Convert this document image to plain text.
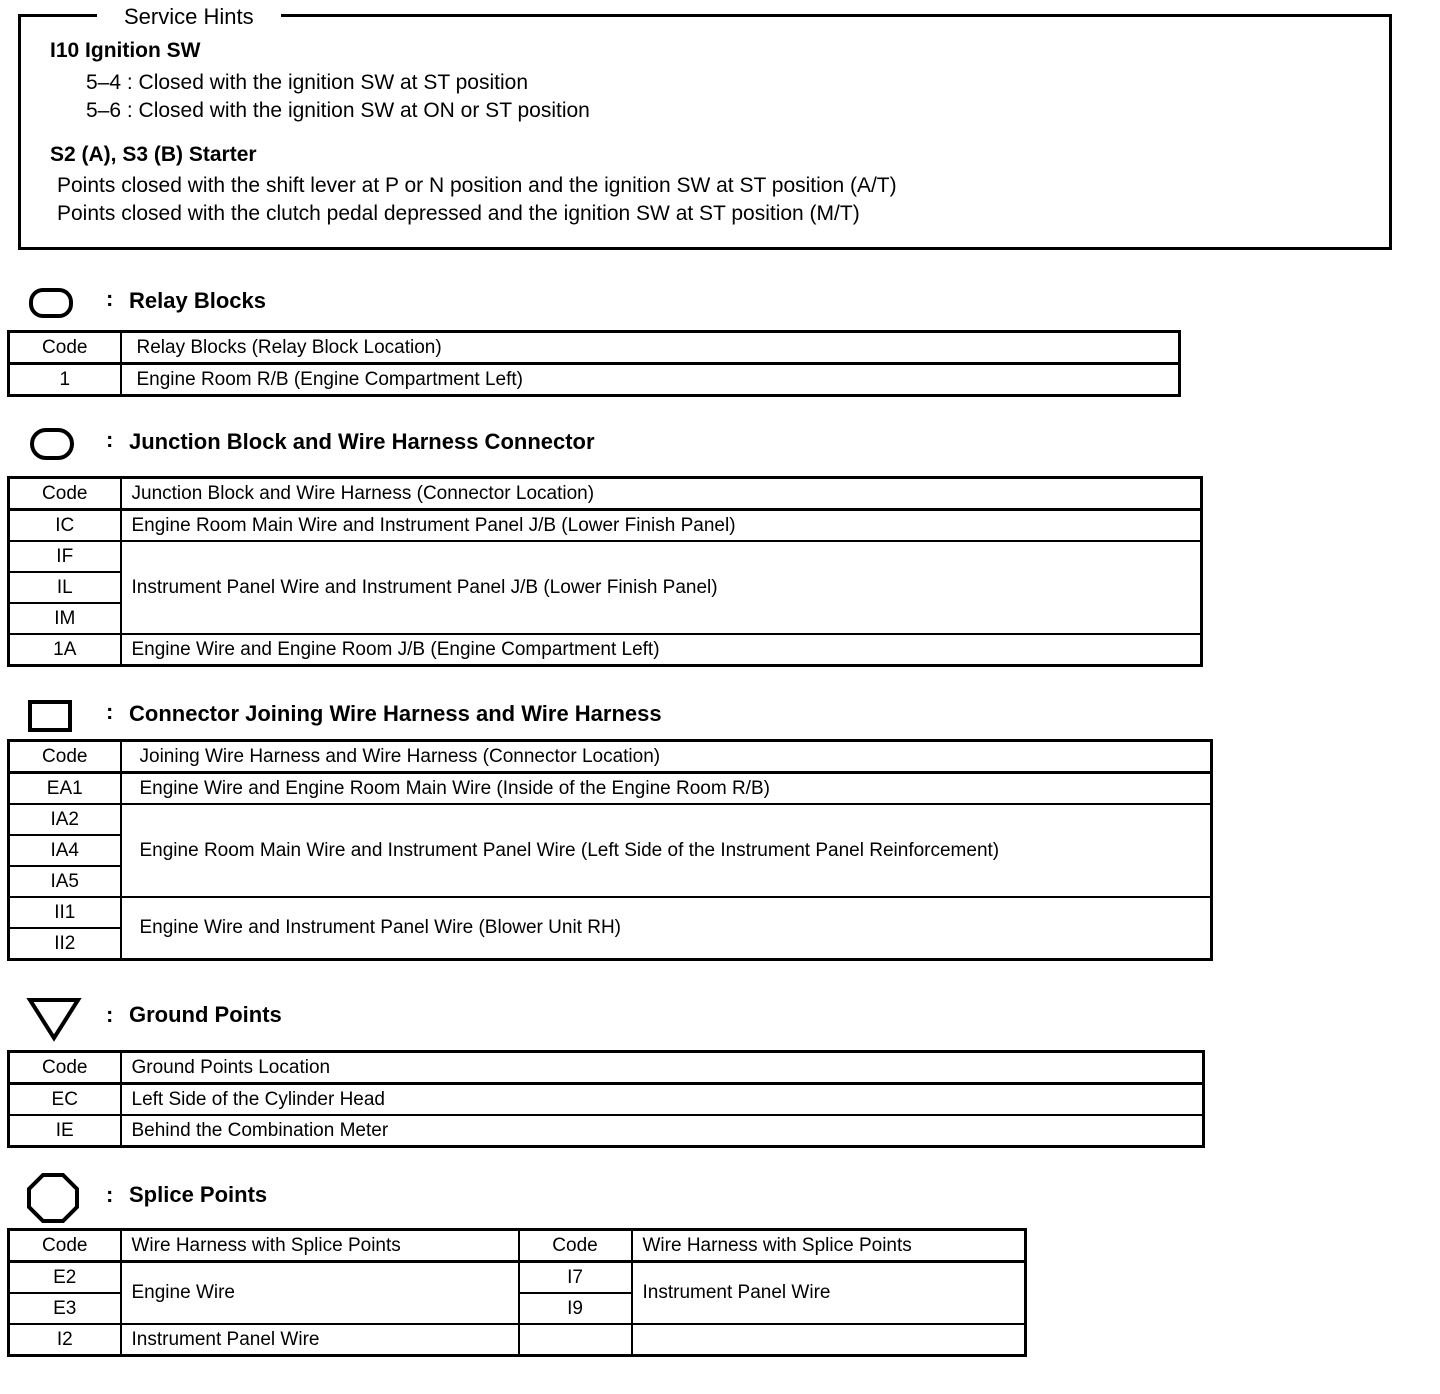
Service Hints
I10 Ignition SW
5–4 : Closed with the ignition SW at ST position
5–6 : Closed with the ignition SW at ON or ST position
S2 (A), S3 (B) Starter
Points closed with the shift lever at P or N position and the ignition SW at ST position (A/T)
Points closed with the clutch pedal depressed and the ignition SW at ST position (M/T)
: Relay Blocks
Code	Relay Blocks (Relay Block Location)
1	Engine Room R/B (Engine Compartment Left)
: Junction Block and Wire Harness Connector
Code	Junction Block and Wire Harness (Connector Location)
IC	Engine Room Main Wire and Instrument Panel J/B (Lower Finish Panel)
IF	Instrument Panel Wire and Instrument Panel J/B (Lower Finish Panel)
IL	
IM	
1A	Engine Wire and Engine Room J/B (Engine Compartment Left)
: Connector Joining Wire Harness and Wire Harness
Code	Joining Wire Harness and Wire Harness (Connector Location)
EA1	Engine Wire and Engine Room Main Wire (Inside of the Engine Room R/B)
IA2	Engine Room Main Wire and Instrument Panel Wire (Left Side of the Instrument Panel Reinforcement)
IA4	
IA5	
II1	Engine Wire and Instrument Panel Wire (Blower Unit RH)
II2	
: Ground Points
Code	Ground Points Location
EC	Left Side of the Cylinder Head
IE	Behind the Combination Meter
: Splice Points
Code	Wire Harness with Splice Points	Code	Wire Harness with Splice Points
E2	Engine Wire	I7	Instrument Panel Wire
E3		I9	
I2	Instrument Panel Wire		
